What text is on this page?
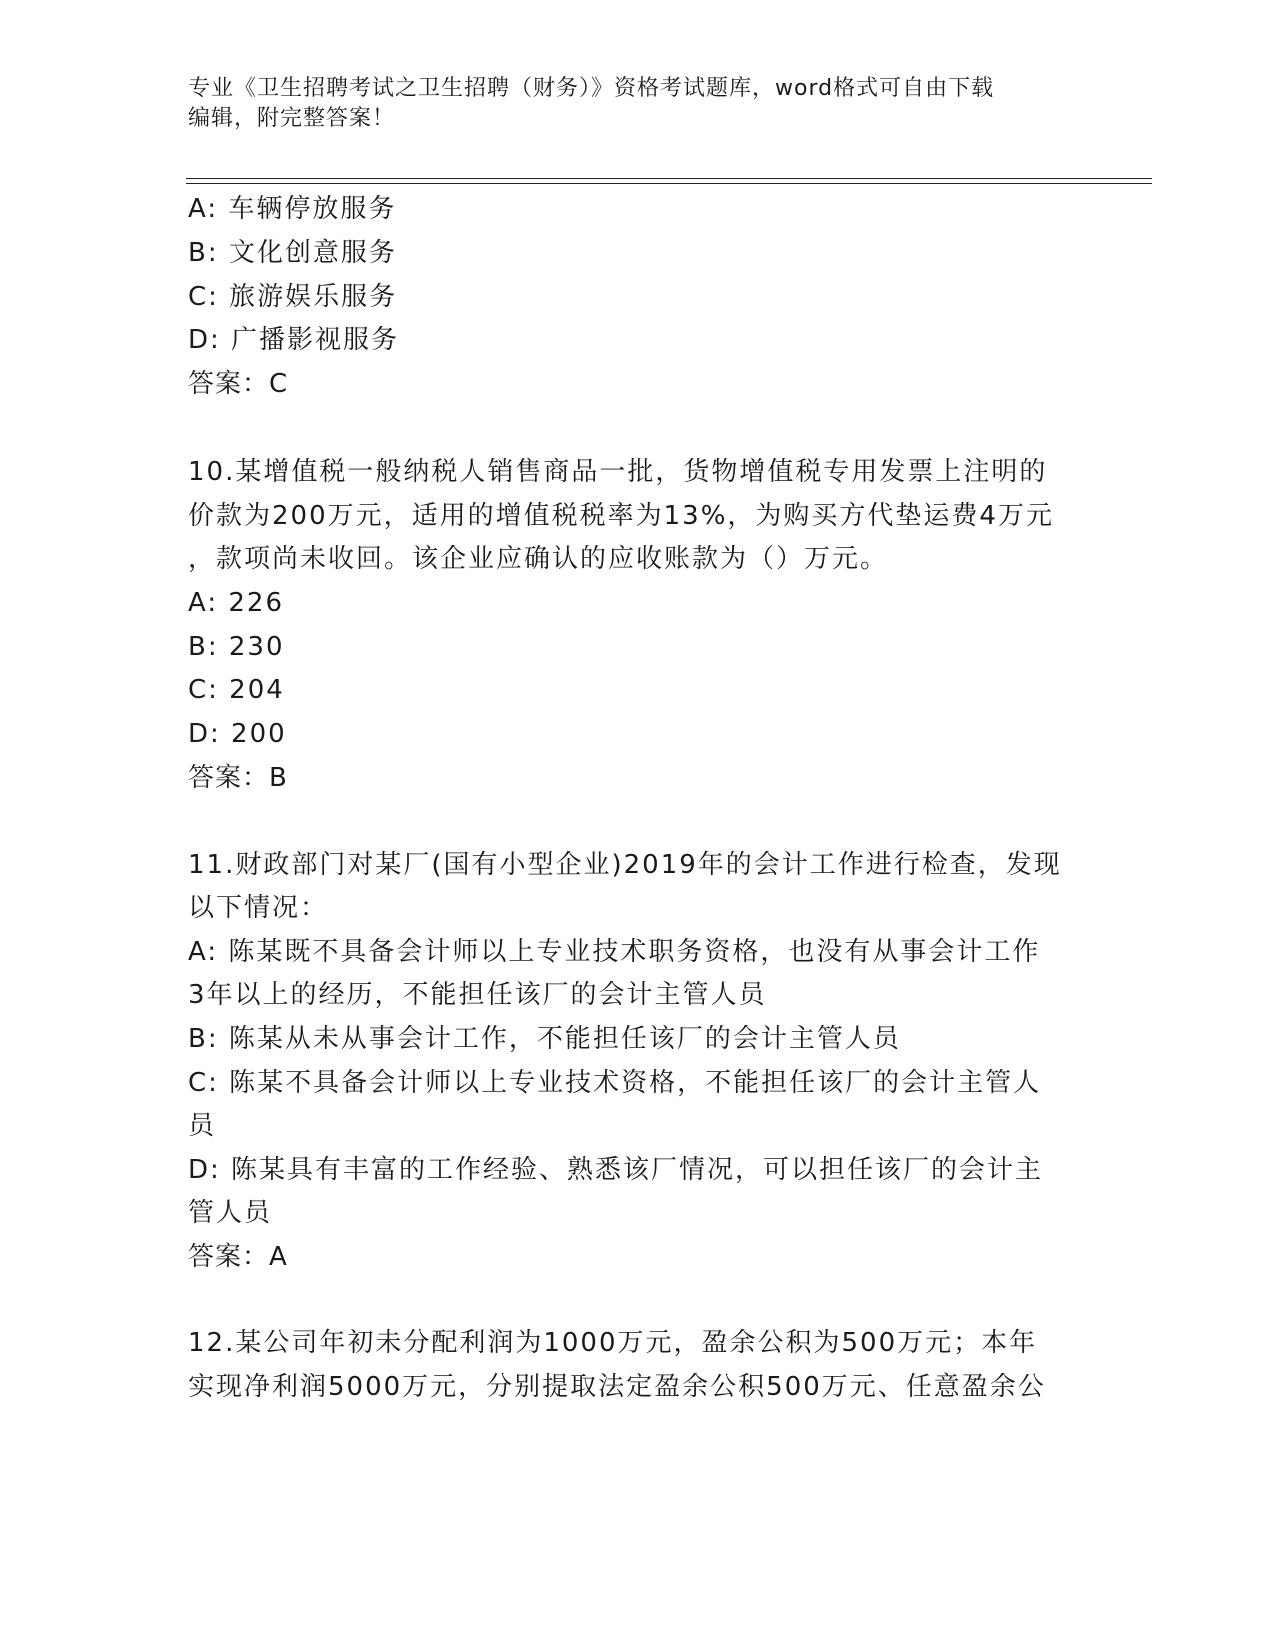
专业《卫生招聘考试之卫生招聘（财务）》资格考试题库，word格式可自由下载
编辑，附完整答案！
A: 车辆停放服务
B: 文化创意服务
C: 旅游娱乐服务
D: 广播影视服务
答案：C
10.某增值税一般纳税人销售商品一批，货物增值税专用发票上注明的
价款为200万元，适用的增值税税率为13%，为购买方代垫运费4万元
，款项尚未收回。该企业应确认的应收账款为（）万元。
A: 226
B: 230
C: 204
D: 200
答案：B
11.财政部门对某厂(国有小型企业)2019年的会计工作进行检查，发现
以下情况：
A: 陈某既不具备会计师以上专业技术职务资格，也没有从事会计工作
3年以上的经历，不能担任该厂的会计主管人员
B: 陈某从未从事会计工作，不能担任该厂的会计主管人员
C: 陈某不具备会计师以上专业技术资格，不能担任该厂的会计主管人
员
D: 陈某具有丰富的工作经验、熟悉该厂情况，可以担任该厂的会计主
管人员
答案：A
12.某公司年初未分配利润为1000万元，盈余公积为500万元；本年
实现净利润5000万元，分别提取法定盈余公积500万元、任意盈余公
